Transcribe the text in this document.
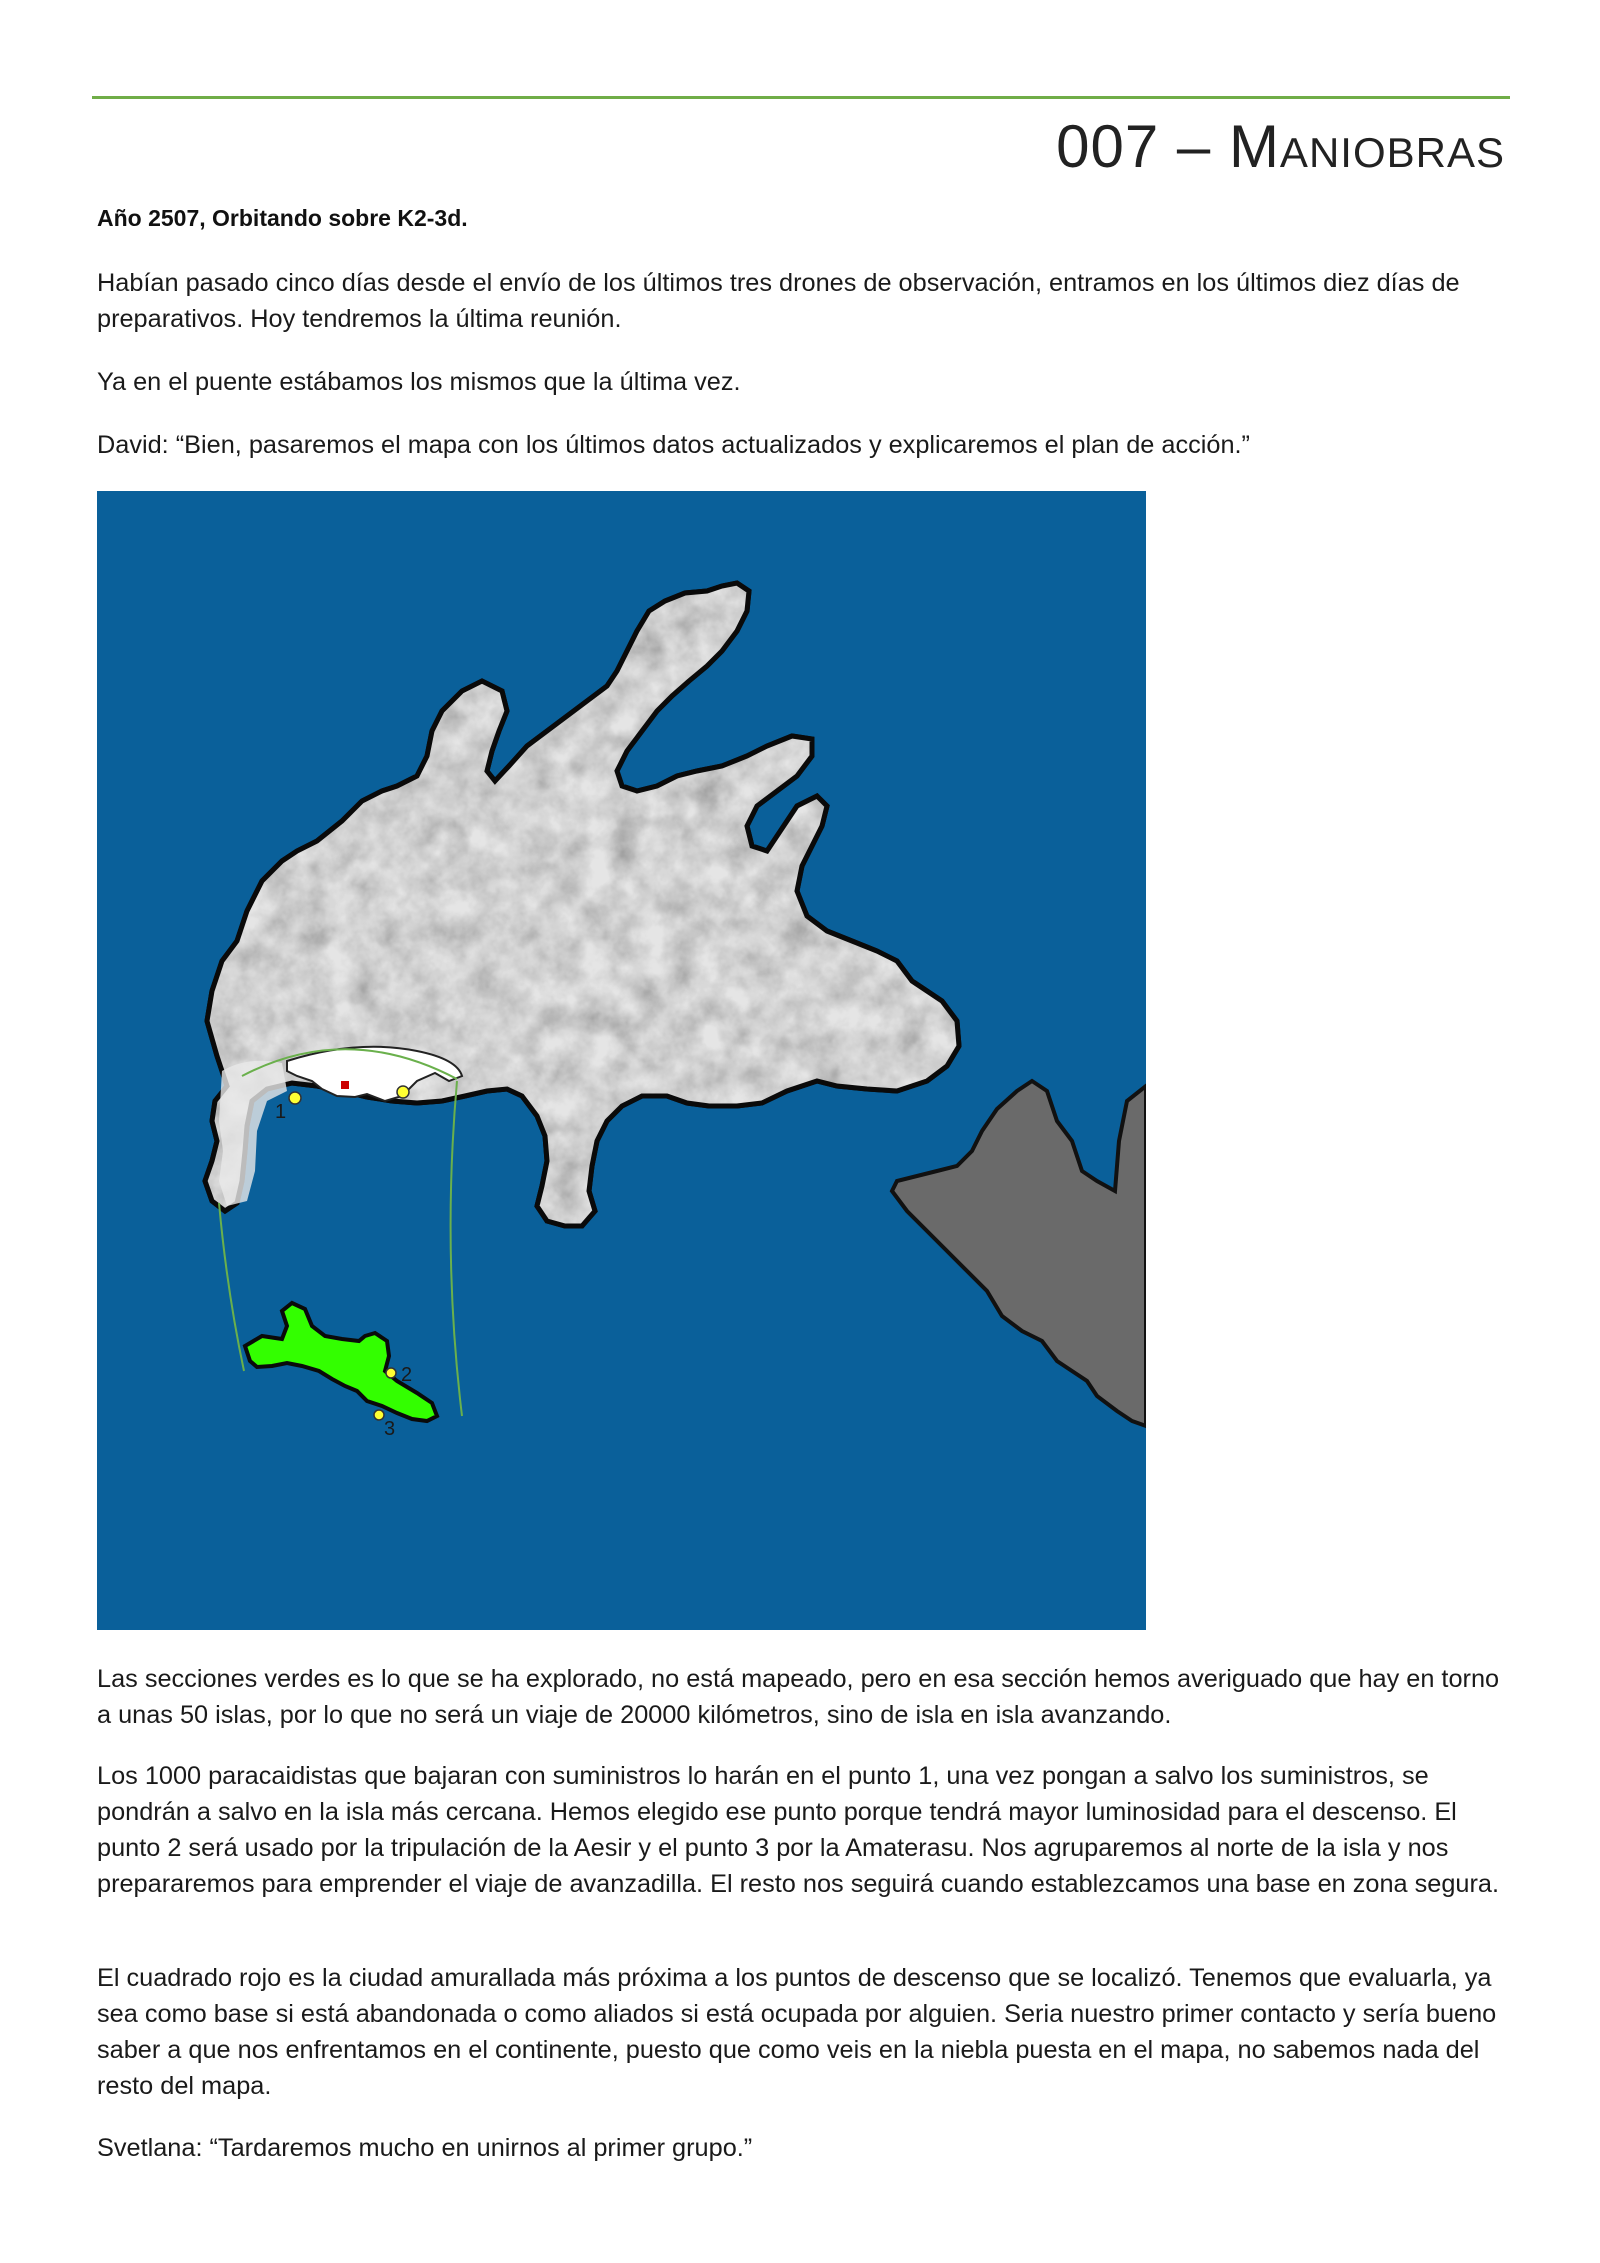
007 – Maniobras

Año 2507, Orbitando sobre K2-3d.

Habían pasado cinco días desde el envío de los últimos tres drones de observación, entramos en los últimos diez días de preparativos. Hoy tendremos la última reunión.

Ya en el puente estábamos los mismos que la última vez.

David: “Bien, pasaremos el mapa con los últimos datos actualizados y explicaremos el plan de acción.”

1
2
3

Las secciones verdes es lo que se ha explorado, no está mapeado, pero en esa sección hemos averiguado que hay en torno a unas 50 islas, por lo que no será un viaje de 20000 kilómetros, sino de isla en isla avanzando.

Los 1000 paracaidistas que bajaran con suministros lo harán en el punto 1, una vez pongan a salvo los suministros, se pondrán a salvo en la isla más cercana. Hemos elegido ese punto porque tendrá mayor luminosidad para el descenso. El punto 2 será usado por la tripulación de la Aesir y el punto 3 por la Amaterasu. Nos agruparemos al norte de la isla y nos prepararemos para emprender el viaje de avanzadilla. El resto nos seguirá cuando establezcamos una base en zona segura.

El cuadrado rojo es la ciudad amurallada más próxima a los puntos de descenso que se localizó. Tenemos que evaluarla, ya sea como base si está abandonada o como aliados si está ocupada por alguien. Seria nuestro primer contacto y sería bueno saber a que nos enfrentamos en el continente, puesto que como veis en la niebla puesta en el mapa, no sabemos nada del resto del mapa.

Svetlana: “Tardaremos mucho en unirnos al primer grupo.”
